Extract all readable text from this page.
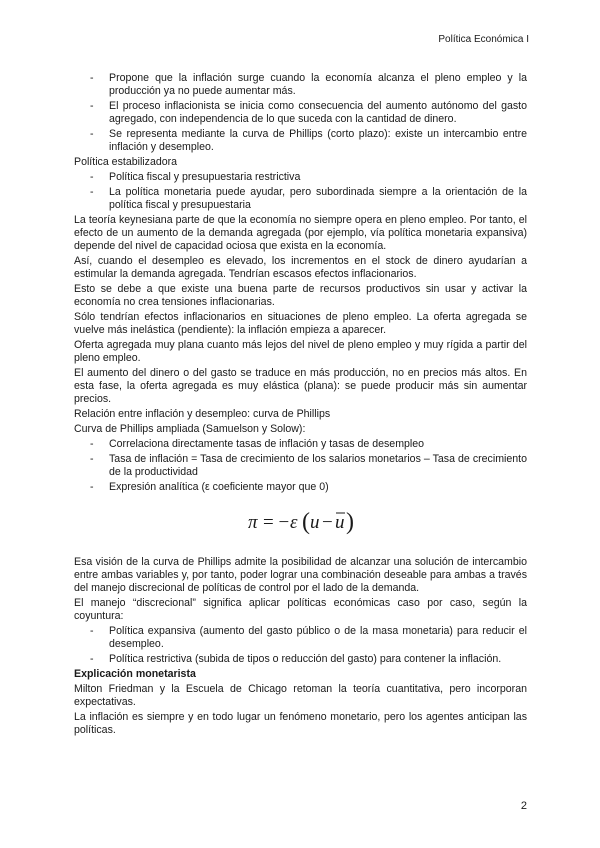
Política Económica I
- Propone que la inflación surge cuando la economía alcanza el pleno empleo y la producción ya no puede aumentar más.
- El proceso inflacionista se inicia como consecuencia del aumento autónomo del gasto agregado, con independencia de lo que suceda con la cantidad de dinero.
- Se representa mediante la curva de Phillips (corto plazo): existe un intercambio entre inflación y desempleo.
Política estabilizadora
- Política fiscal y presupuestaria restrictiva
- La política monetaria puede ayudar, pero subordinada siempre a la orientación de la política fiscal y presupuestaria
La teoría keynesiana parte de que la economía no siempre opera en pleno empleo. Por tanto, el efecto de un aumento de la demanda agregada (por ejemplo, vía política monetaria expansiva) depende del nivel de capacidad ociosa que exista en la economía.
Así, cuando el desempleo es elevado, los incrementos en el stock de dinero ayudarían a estimular la demanda agregada. Tendrían escasos efectos inflacionarios.
Esto se debe a que existe una buena parte de recursos productivos sin usar y activar la economía no crea tensiones inflacionarias.
Sólo tendrían efectos inflacionarios en situaciones de pleno empleo. La oferta agregada se vuelve más inelástica (pendiente): la inflación empieza a aparecer.
Oferta agregada muy plana cuanto más lejos del nivel de pleno empleo y muy rígida a partir del pleno empleo.
El aumento del dinero o del gasto se traduce en más producción, no en precios más altos. En esta fase, la oferta agregada es muy elástica (plana): se puede producir más sin aumentar precios.
Relación entre inflación y desempleo: curva de Phillips
Curva de Phillips ampliada (Samuelson y Solow):
- Correlaciona directamente tasas de inflación y tasas de desempleo
- Tasa de inflación = Tasa de crecimiento de los salarios monetarios – Tasa de crecimiento de la productividad
- Expresión analítica (ε coeficiente mayor que 0)
π = − ε ( u − u )
Esa visión de la curva de Phillips admite la posibilidad de alcanzar una solución de intercambio entre ambas variables y, por tanto, poder lograr una combinación deseable para ambas a través del manejo discrecional de políticas de control por el lado de la demanda.
El manejo “discrecional” significa aplicar políticas económicas caso por caso, según la coyuntura:
- Política expansiva (aumento del gasto público o de la masa monetaria) para reducir el desempleo.
- Política restrictiva (subida de tipos o reducción del gasto) para contener la inflación.
Explicación monetarista
Milton Friedman y la Escuela de Chicago retoman la teoría cuantitativa, pero incorporan expectativas.
La inflación es siempre y en todo lugar un fenómeno monetario, pero los agentes anticipan las políticas.
2
